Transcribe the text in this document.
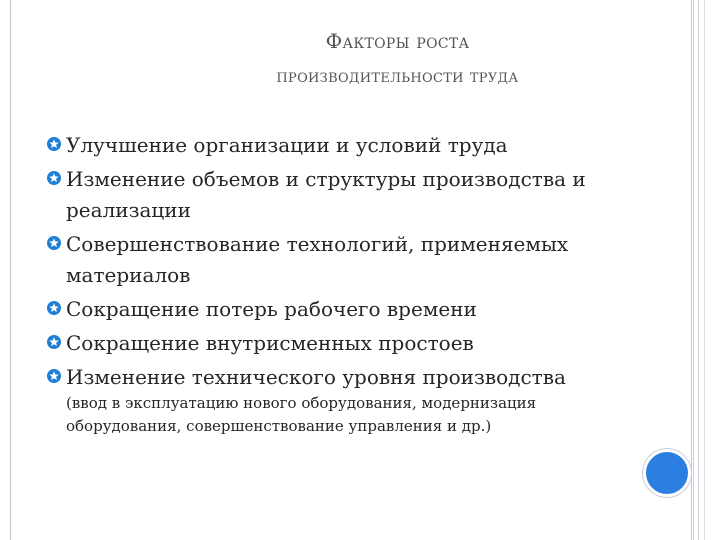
Факторы роста
производительности труда
Улучшение организации и условий труда
Изменение объемов и структуры производства и реализации
Совершенствование технологий, применяемых материалов
Сокращение потерь рабочего времени
Сокращение внутрисменных простоев
Изменение технического уровня производства
(ввод в эксплуатацию нового оборудования, модернизация оборудования, совершенствование управления и др.)
